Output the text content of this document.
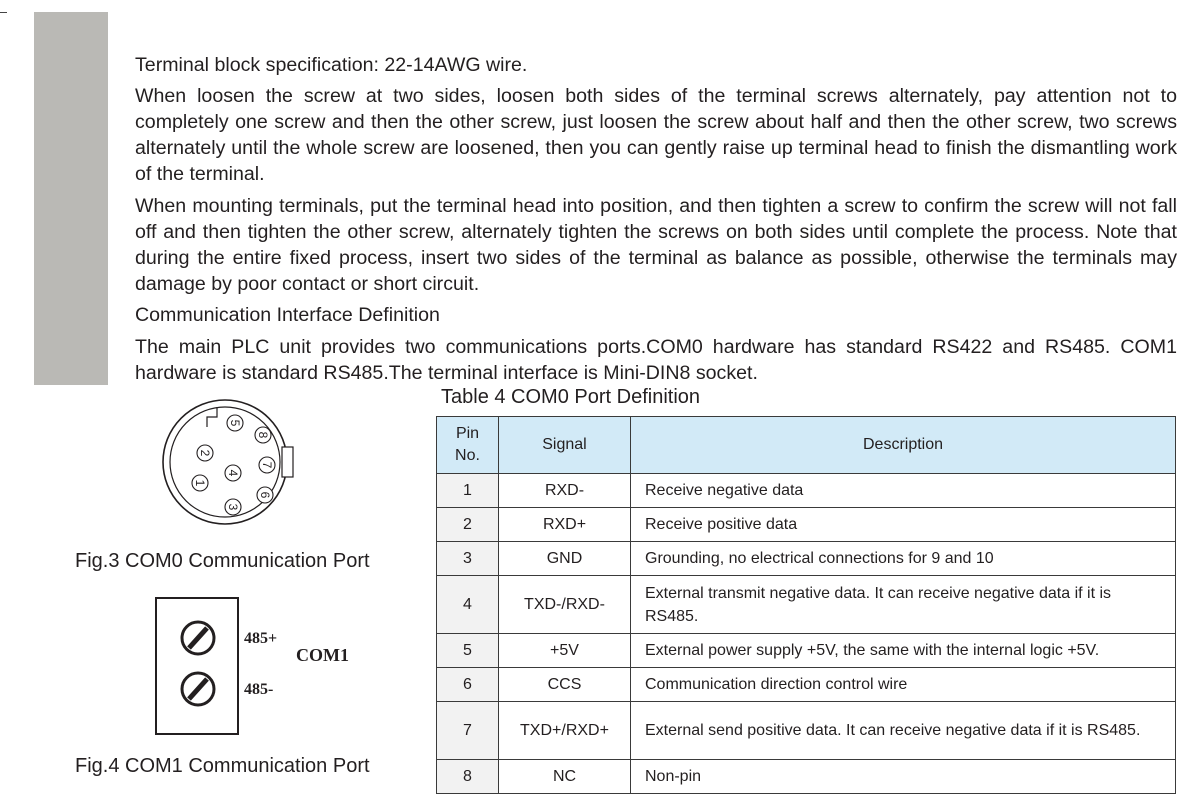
Terminal block specification: 22-14AWG wire.

When loosen the screw at two sides, loosen both sides of the terminal screws alternately, pay attention not to completely one screw and then the other screw, just loosen the screw about half and then the other screw, two screws alternately until the whole screw are loosened, then you can gently raise up terminal head to finish the dismantling work of the terminal.

When mounting terminals, put the terminal head into position, and then tighten a screw to confirm the screw will not fall off and then tighten the other screw, alternately tighten the screws on both sides until complete the process. Note that during the entire fixed process, insert two sides of the terminal as balance as possible, otherwise the terminals may damage by poor contact or short circuit.

Communication Interface Definition

The main PLC unit provides two communications ports.COM0 hardware has standard RS422 and RS485. COM1 hardware is standard RS485.The terminal interface is Mini-DIN8 socket.

1
2
3
4
5
6
7
8
Fig.3 COM0 Communication Port
485+
COM1
485-
Fig.4 COM1 Communication Port
Table 4 COM0 Port Definition
Pin
No.	Signal	Description
1	RXD-	Receive negative data
2	RXD+	Receive positive data
3	GND	Grounding, no electrical connections for 9 and 10
4	TXD-/RXD-	External transmit negative data. It can receive negative data if it is RS485.
5	+5V	External power supply +5V, the same with the internal logic +5V.
6	CCS	Communication direction control wire
7	TXD+/RXD+	External send positive data. It can receive negative data if it is RS485.
8	NC	Non-pin
